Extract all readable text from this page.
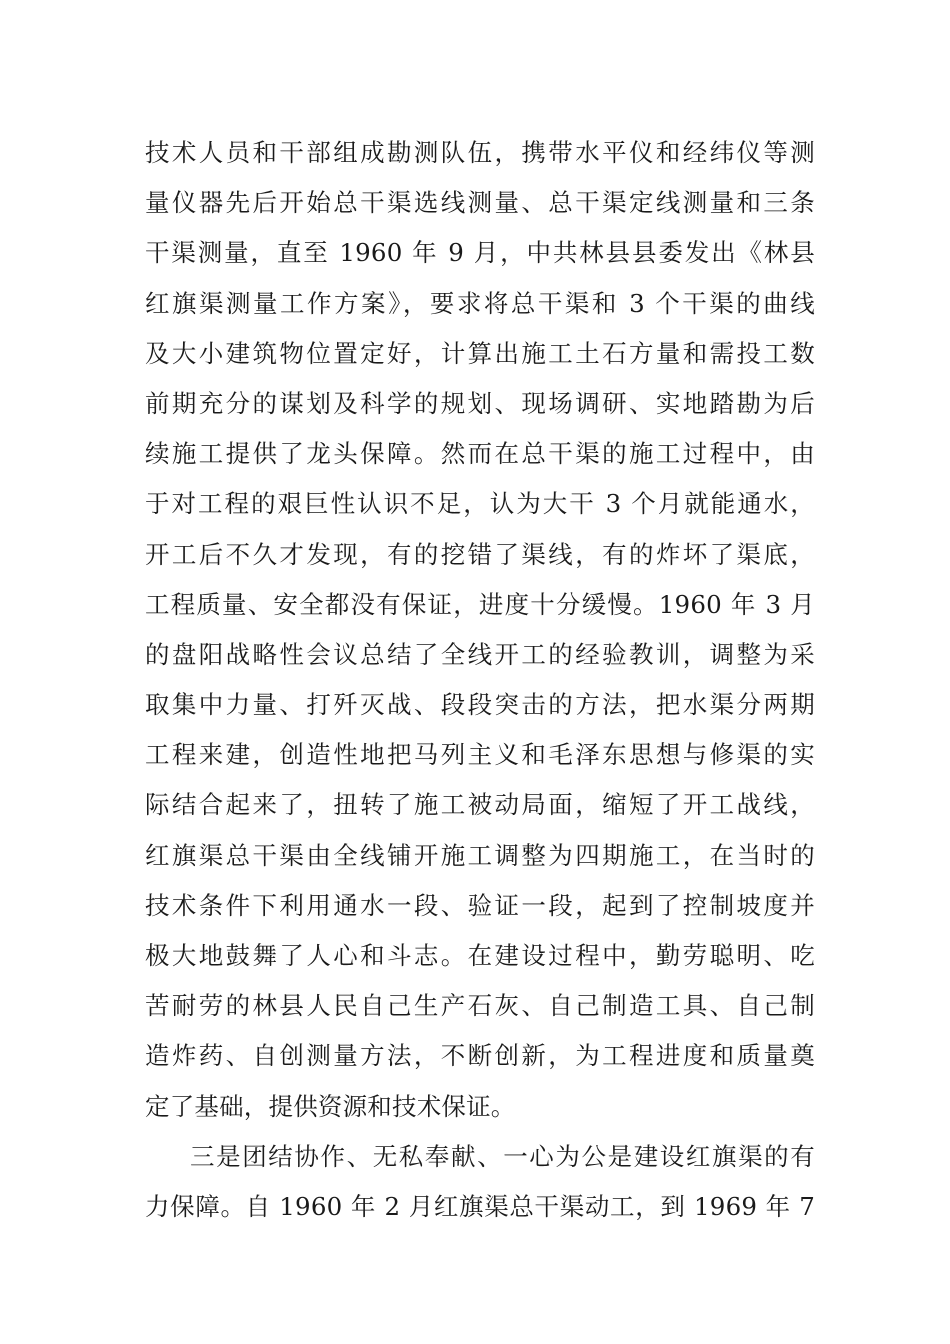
技术人员和干部组成勘测队伍，携带水平仪和经纬仪等测
量仪器先后开始总干渠选线测量、总干渠定线测量和三条
干渠测量，直至 1960 年 9 月，中共林县县委发出《林县
红旗渠测量工作方案》，要求将总干渠和 3 个干渠的曲线
及大小建筑物位置定好，计算出施工土石方量和需投工数
前期充分的谋划及科学的规划、现场调研、实地踏勘为后
续施工提供了龙头保障。然而在总干渠的施工过程中，由
于对工程的艰巨性认识不足，认为大干 3 个月就能通水，
开工后不久才发现，有的挖错了渠线，有的炸坏了渠底，
工程质量、安全都没有保证，进度十分缓慢。1960 年 3 月
的盘阳战略性会议总结了全线开工的经验教训，调整为采
取集中力量、打歼灭战、段段突击的方法，把水渠分两期
工程来建，创造性地把马列主义和毛泽东思想与修渠的实
际结合起来了，扭转了施工被动局面，缩短了开工战线，
红旗渠总干渠由全线铺开施工调整为四期施工，在当时的
技术条件下利用通水一段、验证一段，起到了控制坡度并
极大地鼓舞了人心和斗志。在建设过程中，勤劳聪明、吃
苦耐劳的林县人民自己生产石灰、自己制造工具、自己制
造炸药、自创测量方法，不断创新，为工程进度和质量奠
定了基础，提供资源和技术保证。
三是团结协作、无私奉献、一心为公是建设红旗渠的有
力保障。自 1960 年 2 月红旗渠总干渠动工，到 1969 年 7
